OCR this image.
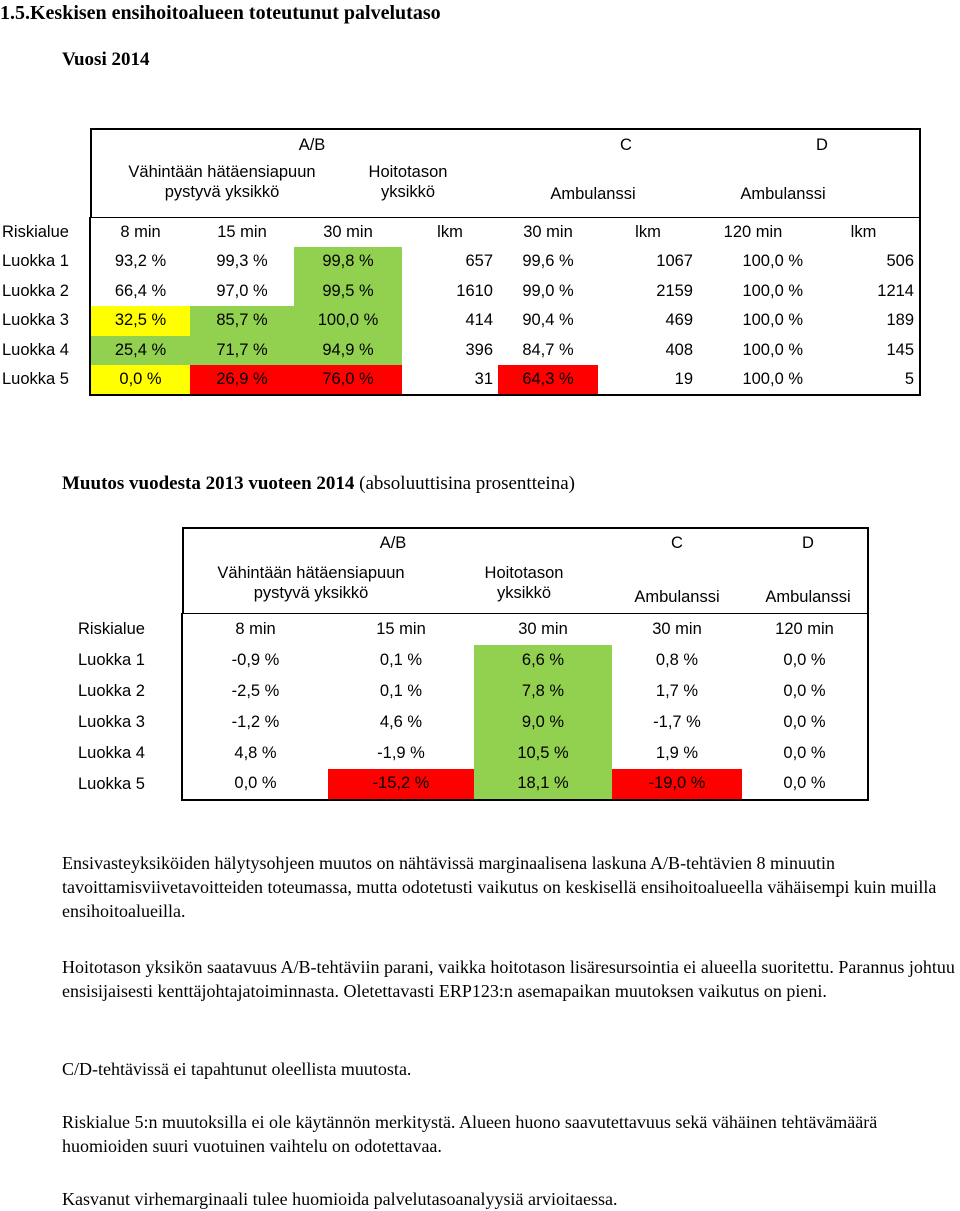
1.5.Keskisen ensihoitoalueen toteutunut palvelutaso
Vuosi 2014
A/B	C	D
Vähintään hätäensiapuun
pystyvä yksikkö
Hoitotason
yksikkö	Ambulanssi	Ambulanssi
Riskialue	8 min	15 min	30 min	lkm	30 min	lkm	120 min	lkm
Luokka 1	93,2 %	99,3 %	99,8 %	657	99,6 %	1067	100,0 %	506
Luokka 2	66,4 %	97,0 %	99,5 %	1610	99,0 %	2159	100,0 %	1214
Luokka 3	32,5 %	85,7 %	100,0 %	414	90,4 %	469	100,0 %	189
Luokka 4	25,4 %	71,7 %	94,9 %	396	84,7 %	408	100,0 %	145
Luokka 5	0,0 %	26,9 %	76,0 %	31	64,3 %	19	100,0 %	5
Muutos vuodesta 2013 vuoteen 2014 (absoluuttisina prosentteina)
A/B	C	D
Vähintään hätäensiapuun
pystyvä yksikkö
Hoitotason
yksikkö	Ambulanssi	Ambulanssi
Riskialue	8 min	15 min	30 min	30 min	120 min
Luokka 1	-0,9 %	0,1 %	6,6 %	0,8 %	0,0 %
Luokka 2	-2,5 %	0,1 %	7,8 %	1,7 %	0,0 %
Luokka 3	-1,2 %	4,6 %	9,0 %	-1,7 %	0,0 %
Luokka 4	4,8 %	-1,9 %	10,5 %	1,9 %	0,0 %
Luokka 5	0,0 %	-15,2 %	18,1 %	-19,0 %	0,0 %
Ensivasteyksiköiden hälytysohjeen muutos on nähtävissä marginaalisena laskuna A/B-tehtävien 8 minuutin tavoittamisviivetavoitteiden toteumassa, mutta odotetusti vaikutus on keskisellä ensihoitoalueella vähäisempi kuin muilla ensihoitoalueilla.
Hoitotason yksikön saatavuus A/B-tehtäviin parani, vaikka hoitotason lisäresursointia ei alueella suoritettu. Parannus johtuu ensisijaisesti kenttäjohtajatoiminnasta. Oletettavasti ERP123:n asemapaikan muutoksen vaikutus on pieni.
C/D-tehtävissä ei tapahtunut oleellista muutosta.
Riskialue 5:n muutoksilla ei ole käytännön merkitystä. Alueen huono saavutettavuus sekä vähäinen tehtävämäärä huomioiden suuri vuotuinen vaihtelu on odotettavaa.
Kasvanut virhemarginaali tulee huomioida palvelutasoanalyysiä arvioitaessa.
